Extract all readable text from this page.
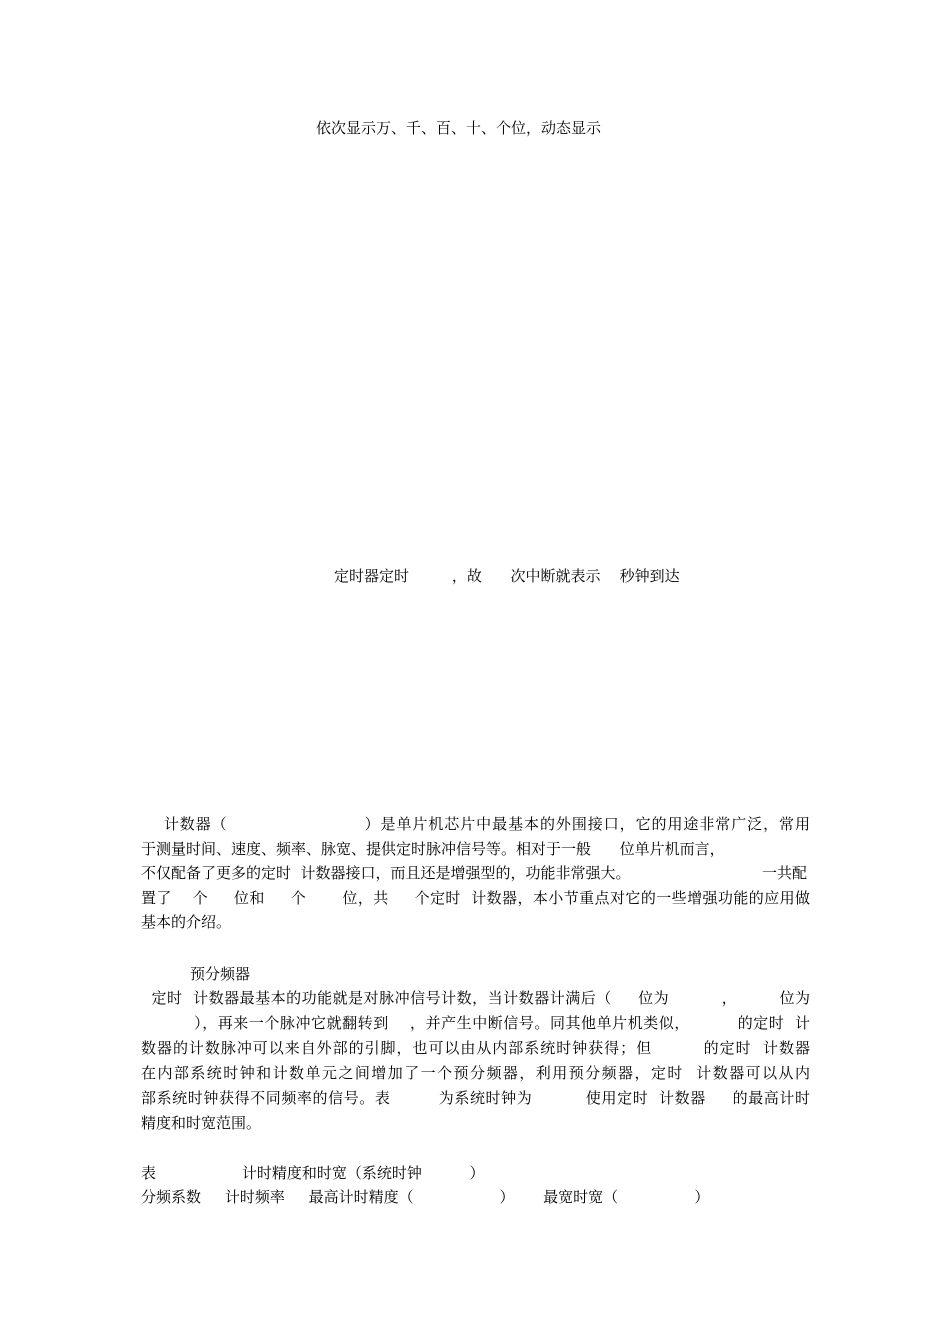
依次显示万、千、百、十、个位，动态显示
定时器定时         ，故      次中断就表示    秒钟到达
计数器（                        ）是单片机芯片中最基本的外围接口，它的用途非常广泛，常用
于测量时间、速度、频率、脉宽、提供定时脉冲信号等。相对于一般      位单片机而言，
不仅配备了更多的定时  计数器接口，而且还是增强型的，功能非常强大。	一共配
置了    个     位和     个       位，共     个定时  计数器，本小节重点对它的一些增强功能的应用做
基本的介绍。
预分频器
定时  计数器最基本的功能就是对脉冲信号计数，当计数器计满后（     位为          ，        位为
），再来一个脉冲它就翻转到    ，并产生中断信号。同其他单片机类似，         的定时  计
数器的计数脉冲可以来自外部的引脚，也可以由从内部系统时钟获得；但         的定时  计数器
在内部系统时钟和计数单元之间增加了一个预分频器，利用预分频器，定时  计数器可以从内
部系统时钟获得不同频率的信号。表         为系统时钟为          使用定时  计数器     的最高计时
精度和时宽范围。
表                  计时精度和时宽（系统时钟          ）
分频系数     计时频率     最高计时精度（                  ）      最宽时宽（                ）
